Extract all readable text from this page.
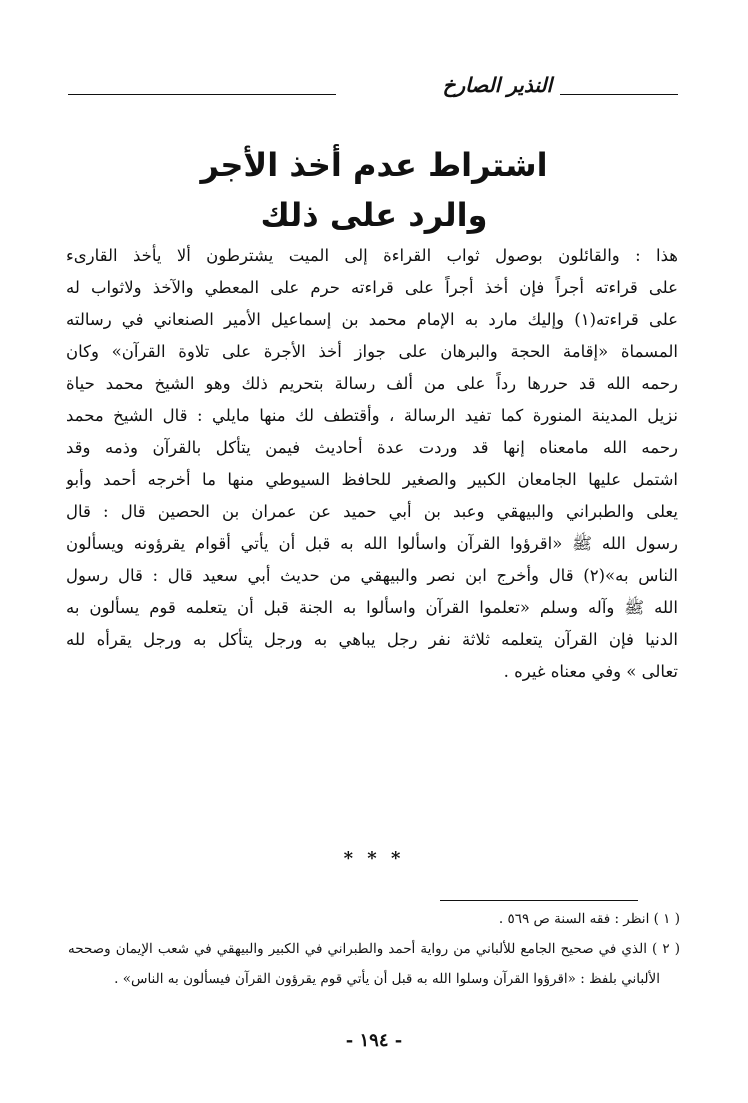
النذير الصارخ
اشتراط عدم أخذ الأجر
والرد على ذلك
هذا : والقائلون بوصول ثواب القراءة إلى الميت يشترطون ألا يأخذ القارىء
على قراءته أجراً فإن أخذ أجراً على قراءته حرم على المعطي والآخذ ولاثواب له
على قراءته(١) وإليك مارد به الإمام محمد بن إسماعيل الأمير الصنعاني في رسالته
المسماة «إقامة الحجة والبرهان على جواز أخذ الأجرة على تلاوة القرآن» وكان
رحمه الله قد حررها رداً على من ألف رسالة بتحريم ذلك وهو الشيخ محمد حياة
نزيل المدينة المنورة كما تفيد الرسالة ، وأقتطف لك منها مايلي : قال الشيخ محمد
رحمه الله مامعناه إنها قد وردت عدة أحاديث فيمن يتأكل بالقرآن وذمه وقد
اشتمل عليها الجامعان الكبير والصغير للحافظ السيوطي منها ما أخرجه أحمد وأبو
يعلى والطبراني والبيهقي وعبد بن أبي حميد عن عمران بن الحصين قال : قال
رسول الله ﷺ «اقرؤوا القرآن واسألوا الله به قبل أن يأتي أقوام يقرؤونه ويسألون
الناس به»(٢) قال وأخرج ابن نصر والبيهقي من حديث أبي سعيد قال : قال رسول
الله ﷺ وآله وسلم «تعلموا القرآن واسألوا به الجنة قبل أن يتعلمه قوم يسألون به
الدنيا فإن القرآن يتعلمه ثلاثة نفر رجل يباهي به ورجل يتأكل به ورجل يقرأه لله
تعالى » وفي معناه غيره .
* * *
( ١ ) انظر : فقه السنة ص ٥٦٩ .
( ٢ ) الذي في صحيح الجامع للألباني من رواية أحمد والطبراني في الكبير والبيهقي في شعب الإيمان وصححه
الألباني بلفظ : «اقرؤوا القرآن وسلوا الله به قبل أن يأتي قوم يقرؤون القرآن فيسألون به الناس» .
- ١٩٤ -
